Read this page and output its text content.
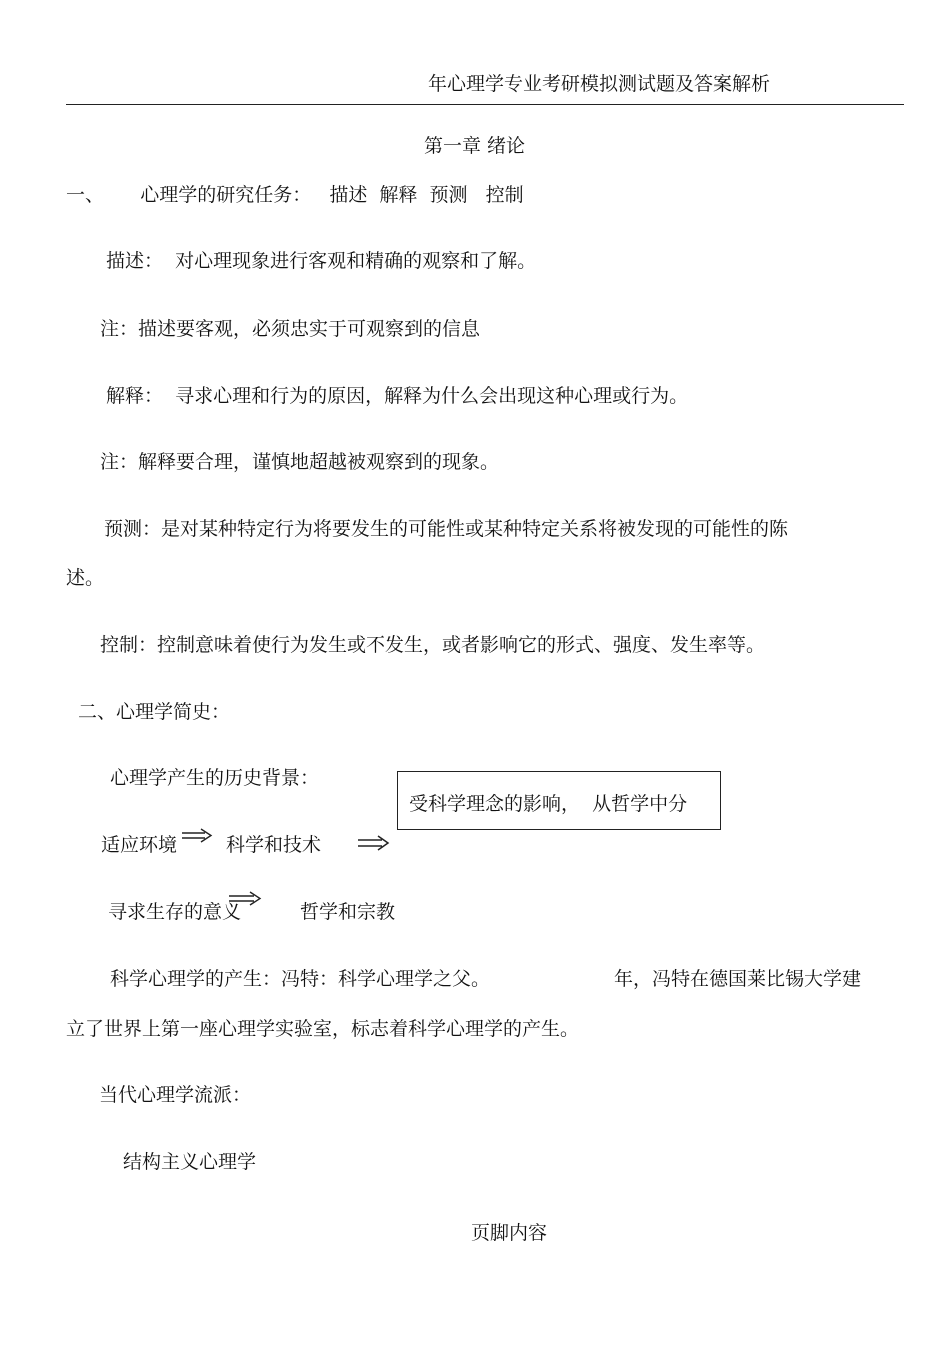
年心理学专业考研模拟测试题及答案解析
第一章 绪论
一、      心理学的研究任务：   描述  解释  预测   控制
描述：  对心理现象进行客观和精确的观察和了解。
注：描述要客观，必须忠实于可观察到的信息
解释：  寻求心理和行为的原因，解释为什么会出现这种心理或行为。
注：解释要合理，谨慎地超越被观察到的现象。
预测：是对某种特定行为将要发生的可能性或某种特定关系将被发现的可能性的陈
述。
控制：控制意味着使行为发生或不发生，或者影响它的形式、强度、发生率等。
二、心理学简史：
心理学产生的历史背景：
受科学理念的影响，  从哲学中分
适应环境	科学和技术
寻求生存的意义	哲学和宗教
科学心理学的产生：冯特：科学心理学之父。	年，冯特在德国莱比锡大学建
立了世界上第一座心理学实验室，标志着科学心理学的产生。
当代心理学流派：
结构主义心理学
页脚内容
